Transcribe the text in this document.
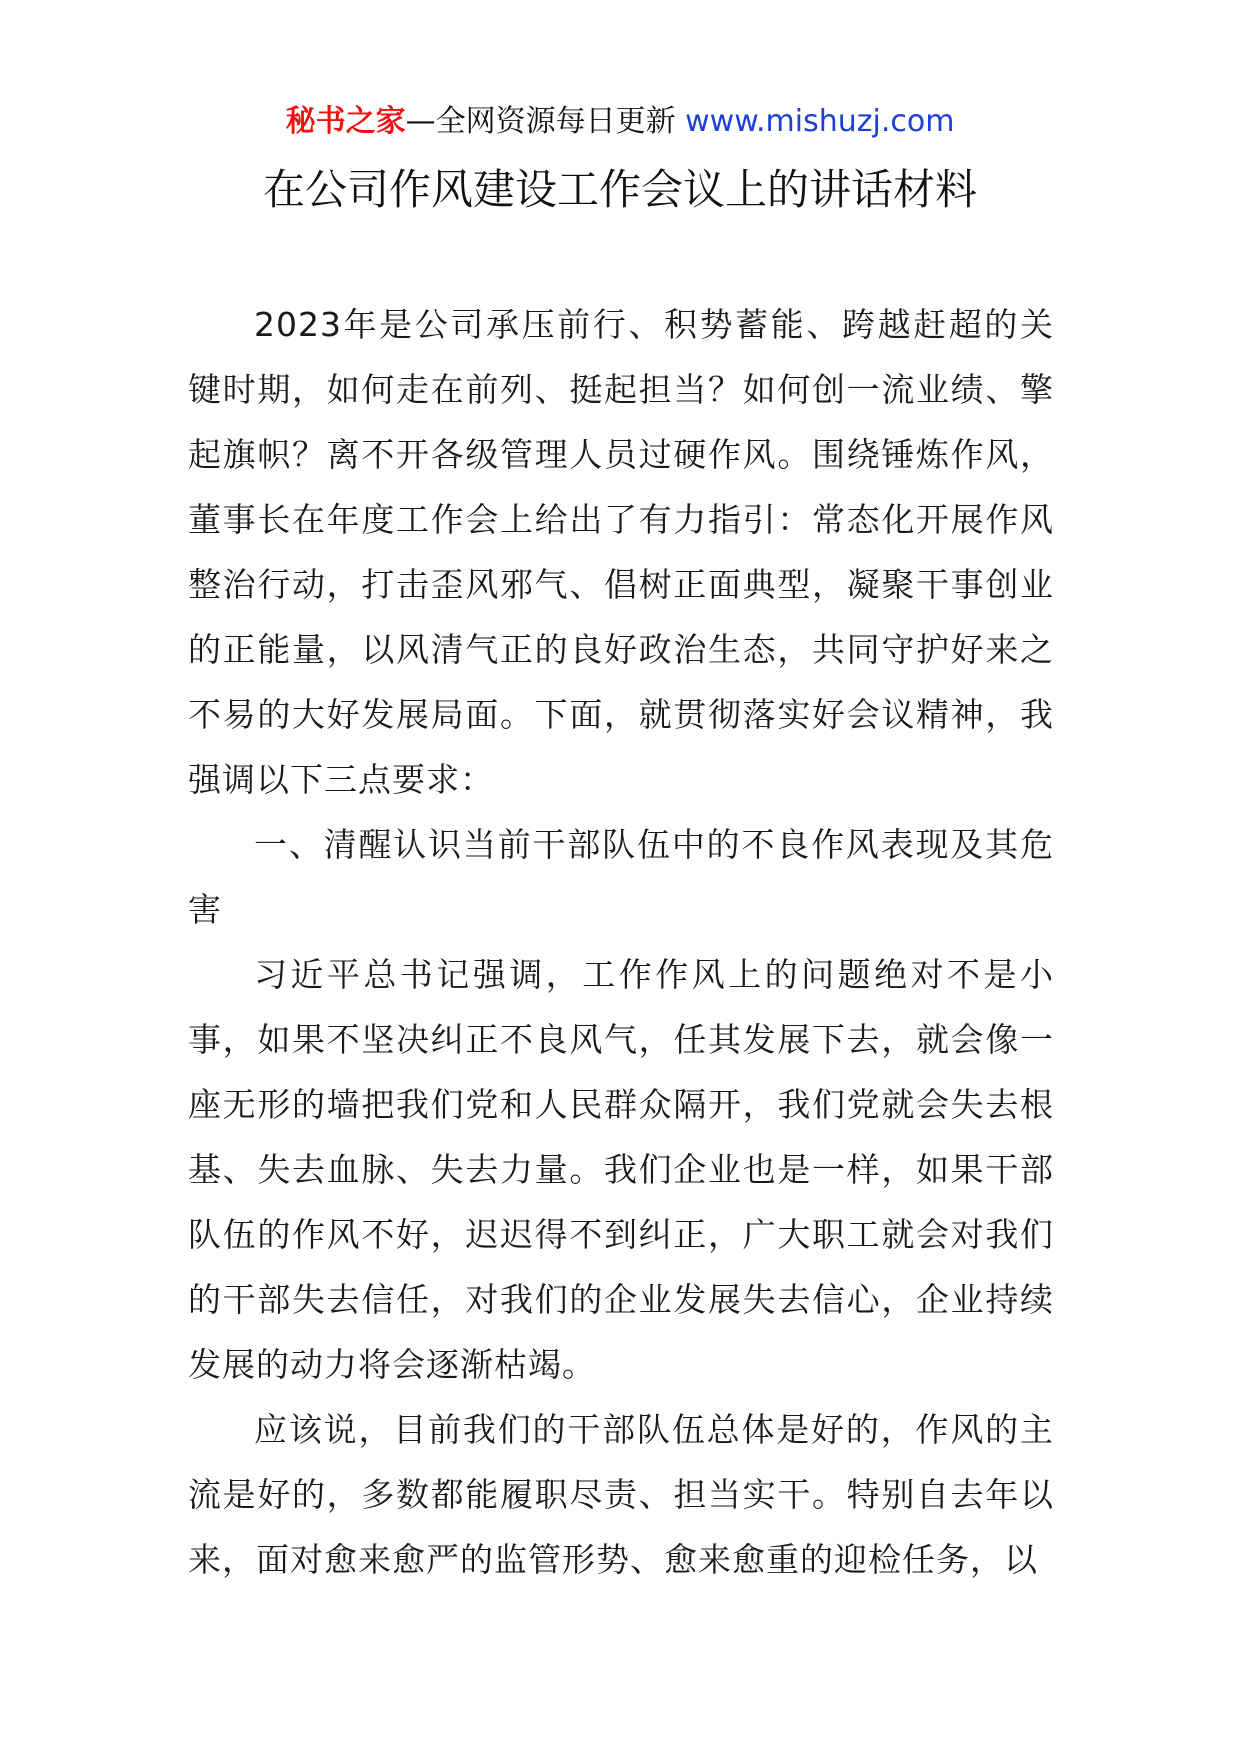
秘书之家—全网资源每日更新 www.mishuzj.com
在公司作风建设工作会议上的讲话材料

2023年是公司承压前行、积势蓄能、跨越赶超的关键时期，如何走在前列、挺起担当？如何创一流业绩、擎起旗帜？离不开各级管理人员过硬作风。围绕锤炼作风，董事长在年度工作会上给出了有力指引：常态化开展作风整治行动，打击歪风邪气、倡树正面典型，凝聚干事创业的正能量，以风清气正的良好政治生态，共同守护好来之不易的大好发展局面。下面，就贯彻落实好会议精神，我强调以下三点要求：

一、清醒认识当前干部队伍中的不良作风表现及其危害

习近平总书记强调，工作作风上的问题绝对不是小事，如果不坚决纠正不良风气，任其发展下去，就会像一座无形的墙把我们党和人民群众隔开，我们党就会失去根基、失去血脉、失去力量。我们企业也是一样，如果干部队伍的作风不好，迟迟得不到纠正，广大职工就会对我们的干部失去信任，对我们的企业发展失去信心，企业持续发展的动力将会逐渐枯竭。

应该说，目前我们的干部队伍总体是好的，作风的主流是好的，多数都能履职尽责、担当实干。特别自去年以来，面对愈来愈严的监管形势、愈来愈重的迎检任务，以
